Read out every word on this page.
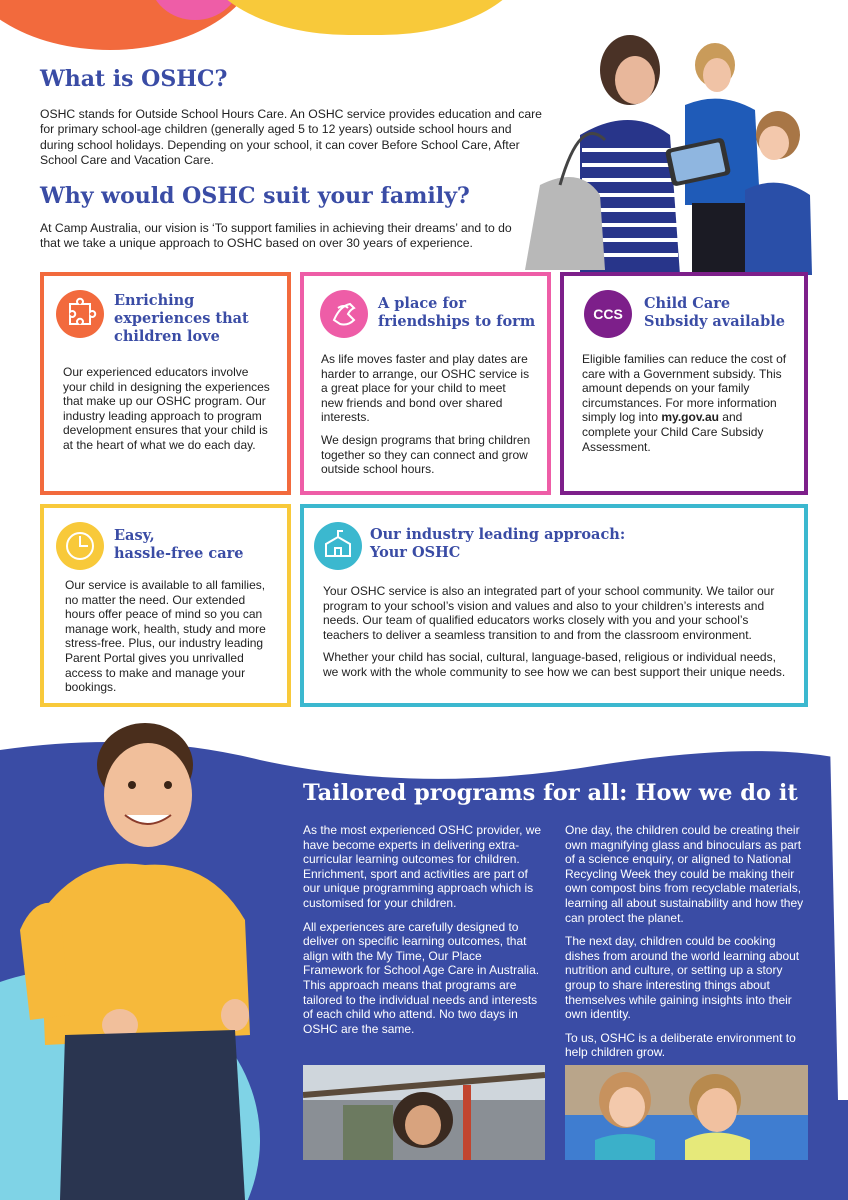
What is OSHC?

OSHC stands for Outside School Hours Care. An OSHC service provides education and care for primary school-age children (generally aged 5 to 12 years) outside school hours and during school holidays. Depending on your school, it can cover Before School Care, After School Care and Vacation Care.

Why would OSHC suit your family?

At Camp Australia, our vision is ‘To support families in achieving their dreams’ and to do that we take a unique approach to OSHC based on over 30 years of experience.

Enriching
experiences that
children love
Our experienced educators involve your child in designing the experiences that make up our OSHC program. Our industry leading approach to program development ensures that your child is at the heart of what we do each day.
A place for
friendships to form

As life moves faster and play dates are harder to arrange, our OSHC service is a great place for your child to meet new friends and bond over shared interests.

We design programs that bring children together so they can connect and grow outside school hours.

CCS
Child Care
Subsidy available
Eligible families can reduce the cost of care with a Government subsidy. This amount depends on your family circumstances. For more information simply log into my.gov.au and complete your Child Care Subsidy Assessment.
Easy,
hassle-free care
Our service is available to all families, no matter the need. Our extended hours offer peace of mind so you can manage work, health, study and more stress-free. Plus, our industry leading Parent Portal gives you unrivalled access to make and manage your bookings.
Our industry leading approach:
Your OSHC

Your OSHC service is also an integrated part of your school community. We tailor our program to your school’s vision and values and also to your children’s interests and needs. Our team of qualified educators works closely with you and your school’s teachers to deliver a seamless transition to and from the classroom environment.

Whether your child has social, cultural, language-based, religious or individual needs, we work with the whole community to see how we can best support their unique needs.

Tailored programs for all: How we do it

As the most experienced OSHC provider, we have become experts in delivering extra-curricular learning outcomes for children. Enrichment, sport and activities are part of our unique programming approach which is customised for your children.

All experiences are carefully designed to deliver on specific learning outcomes, that align with the My Time, Our Place Framework for School Age Care in Australia. This approach means that programs are tailored to the individual needs and interests of each child who attend. No two days in OSHC are the same.

One day, the children could be creating their own magnifying glass and binoculars as part of a science enquiry, or aligned to National Recycling Week they could be making their own compost bins from recyclable materials, learning all about sustainability and how they can protect the planet.

The next day, children could be cooking dishes from around the world learning about nutrition and culture, or setting up a story group to share interesting things about themselves while gaining insights into their own identity.

To us, OSHC is a deliberate environment to help children grow.
